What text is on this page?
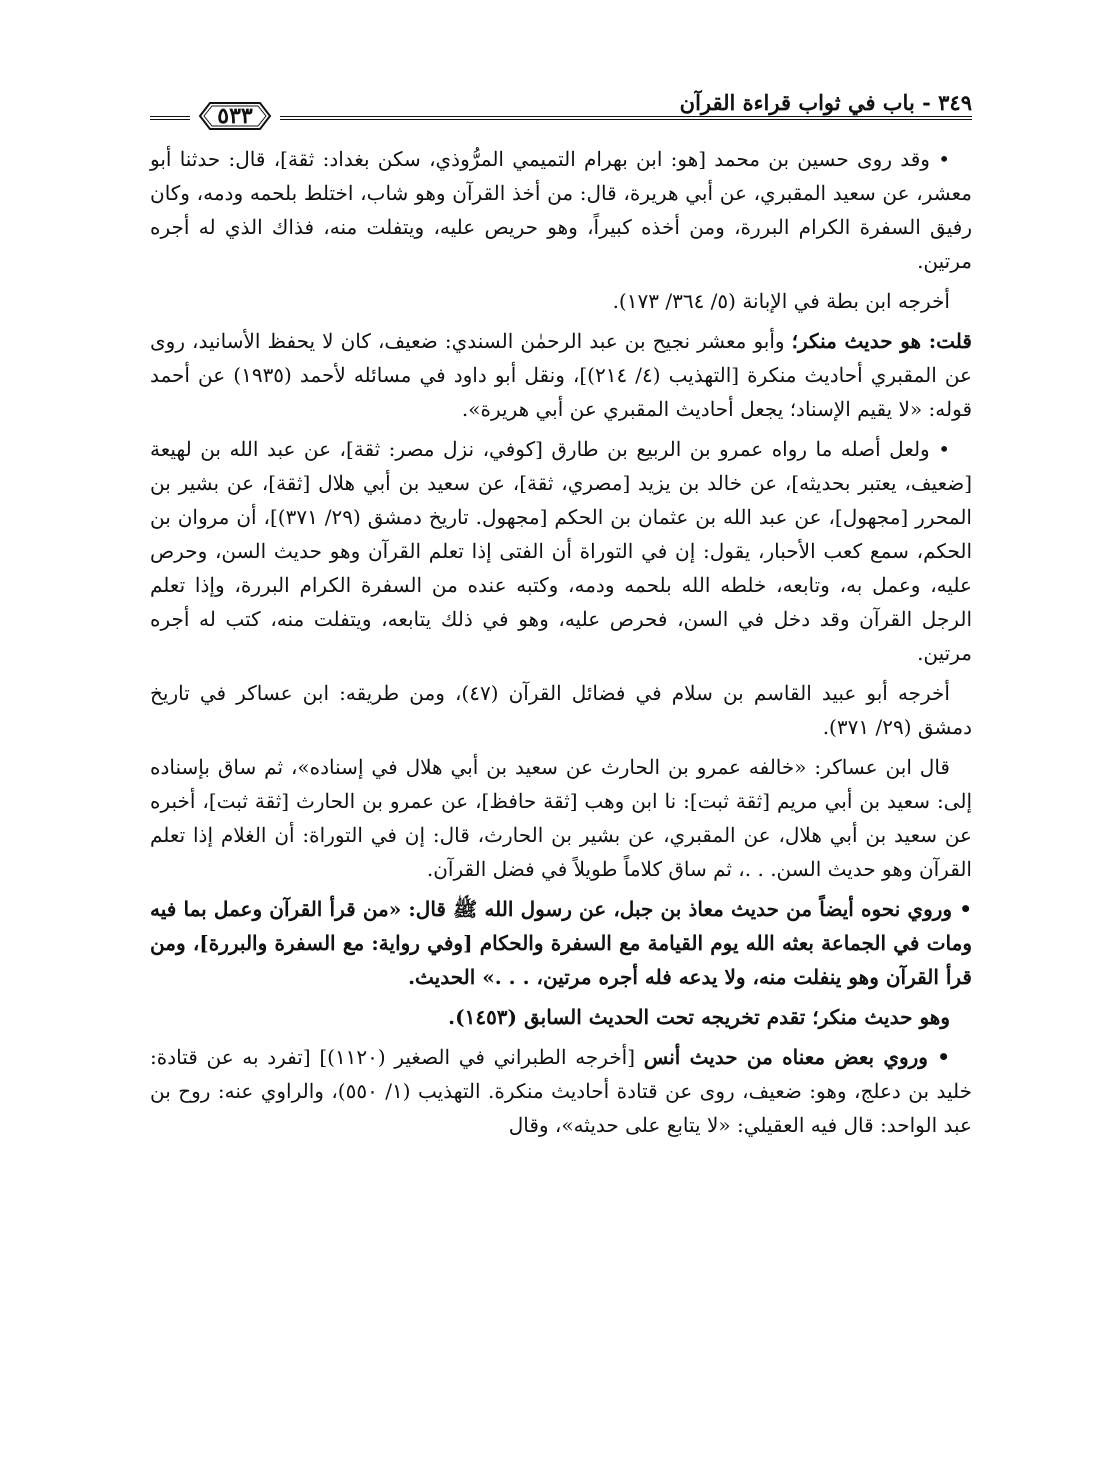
٣٤٩ - باب في ثواب قراءة القرآن
٥٣٣

• وقد روى حسين بن محمد [هو: ابن بهرام التميمي المرُّوذي، سكن بغداد: ثقة]، قال: حدثنا أبو معشر، عن سعيد المقبري، عن أبي هريرة، قال: من أخذ القرآن وهو شاب، اختلط بلحمه ودمه، وكان رفيق السفرة الكرام البررة، ومن أخذه كبيراً، وهو حريص عليه، ويتفلت منه، فذاك الذي له أجره مرتين.

أخرجه ابن بطة في الإبانة (٥/ ٣٦٤/ ١٧٣).

قلت: هو حديث منكر؛ وأبو معشر نجيح بن عبد الرحمٰن السندي: ضعيف، كان لا يحفظ الأسانيد، روى عن المقبري أحاديث منكرة [التهذيب (٤/ ٢١٤)]، ونقل أبو داود في مسائله لأحمد (١٩٣٥) عن أحمد قوله: «لا يقيم الإسناد؛ يجعل أحاديث المقبري عن أبي هريرة».

• ولعل أصله ما رواه عمرو بن الربيع بن طارق [كوفي، نزل مصر: ثقة]، عن عبد الله بن لهيعة [ضعيف، يعتبر بحديثه]، عن خالد بن يزيد [مصري، ثقة]، عن سعيد بن أبي هلال [ثقة]، عن بشير بن المحرر [مجهول]، عن عبد الله بن عثمان بن الحكم [مجهول. تاريخ دمشق (٢٩/ ٣٧١)]، أن مروان بن الحكم، سمع كعب الأحبار، يقول: إن في التوراة أن الفتى إذا تعلم القرآن وهو حديث السن، وحرص عليه، وعمل به، وتابعه، خلطه الله بلحمه ودمه، وكتبه عنده من السفرة الكرام البررة، وإذا تعلم الرجل القرآن وقد دخل في السن، فحرص عليه، وهو في ذلك يتابعه، ويتفلت منه، كتب له أجره مرتين.

أخرجه أبو عبيد القاسم بن سلام في فضائل القرآن (٤٧)، ومن طريقه: ابن عساكر في تاريخ دمشق (٢٩/ ٣٧١).

قال ابن عساكر: «خالفه عمرو بن الحارث عن سعيد بن أبي هلال في إسناده»، ثم ساق بإسناده إلى: سعيد بن أبي مريم [ثقة ثبت]: نا ابن وهب [ثقة حافظ]، عن عمرو بن الحارث [ثقة ثبت]، أخبره عن سعيد بن أبي هلال، عن المقبري، عن بشير بن الحارث، قال: إن في التوراة: أن الغلام إذا تعلم القرآن وهو حديث السن. . .، ثم ساق كلاماً طويلاً في فضل القرآن.

• وروي نحوه أيضاً من حديث معاذ بن جبل، عن رسول الله ﷺ قال: «من قرأ القرآن وعمل بما فيه ومات في الجماعة بعثه الله يوم القيامة مع السفرة والحكام [وفي رواية: مع السفرة والبررة]، ومن قرأ القرآن وهو ينفلت منه، ولا يدعه فله أجره مرتين، . . .» الحديث.

وهو حديث منكر؛ تقدم تخريجه تحت الحديث السابق (١٤٥٣).

• وروي بعض معناه من حديث أنس [أخرجه الطبراني في الصغير (١١٢٠)] [تفرد به عن قتادة: خليد بن دعلج، وهو: ضعيف، روى عن قتادة أحاديث منكرة. التهذيب (١/ ٥٥٠)، والراوي عنه: روح بن عبد الواحد: قال فيه العقيلي: «لا يتابع على حديثه»، وقال
